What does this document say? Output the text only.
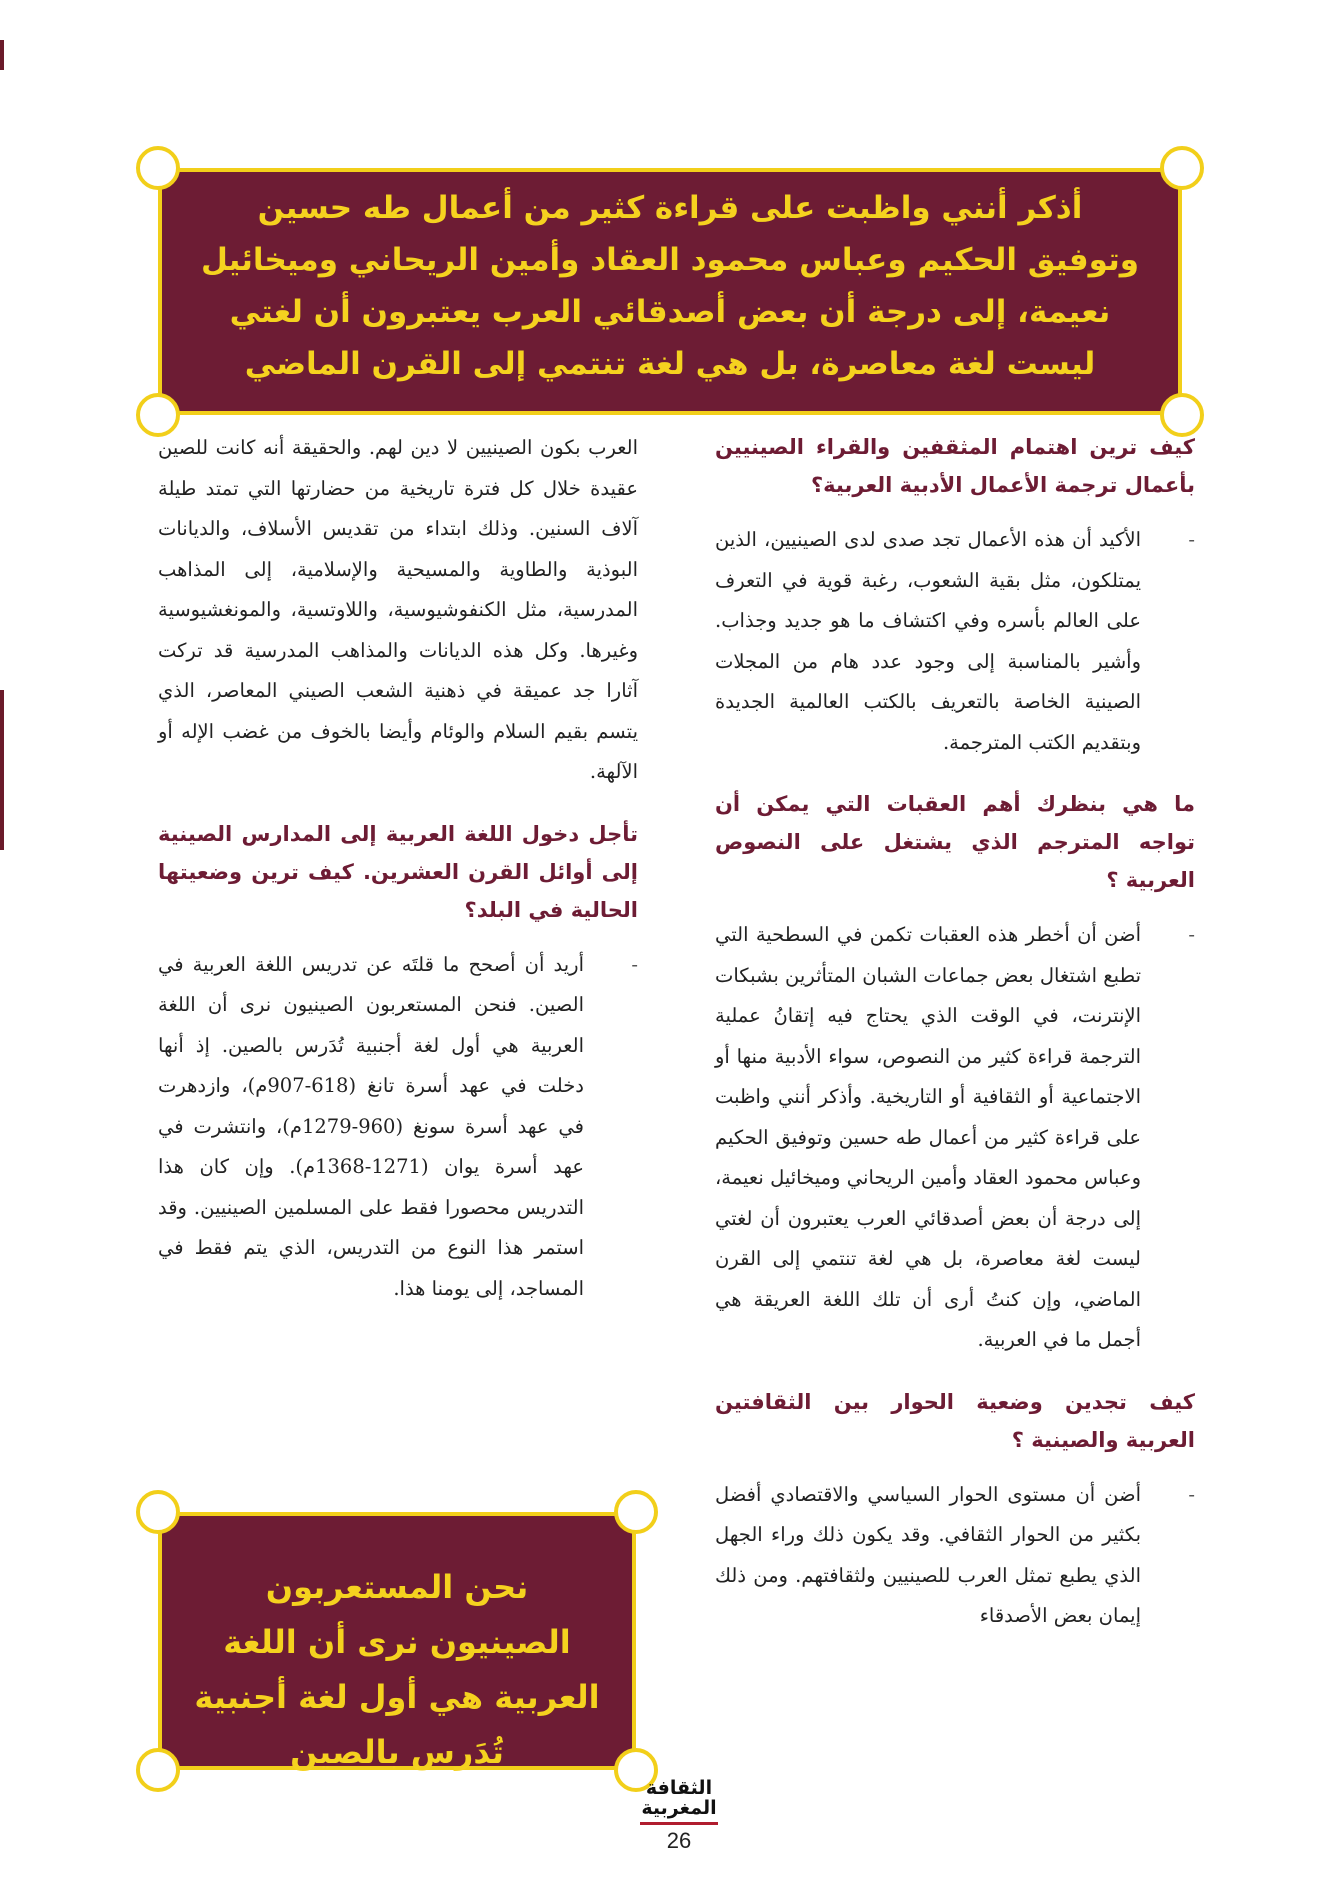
أذكر أنني واظبت على قراءة كثير من أعمال طه حسين وتوفيق الحكيم وعباس محمود العقاد وأمين الريحاني وميخائيل نعيمة، إلى درجة أن بعض أصدقائي العرب يعتبرون أن لغتي ليست لغة معاصرة، بل هي لغة تنتمي إلى القرن الماضي

كيف ترين اهتمام المثقفين والقراء الصينيين بأعمال ترجمة الأعمال الأدبية العربية؟

-
الأكيد أن هذه الأعمال تجد صدى لدى الصينيين، الذين يمتلكون، مثل بقية الشعوب، رغبة قوية في التعرف على العالم بأسره وفي اكتشاف ما هو جديد وجذاب. وأشير بالمناسبة إلى وجود عدد هام من المجلات الصينية الخاصة بالتعريف بالكتب العالمية الجديدة وبتقديم الكتب المترجمة.

ما هي بنظرك أهم العقبات التي يمكن أن تواجه المترجم الذي يشتغل على النصوص العربية ؟

-
أضن أن أخطر هذه العقبات تكمن في السطحية التي تطبع اشتغال بعض جماعات الشبان المتأثرين بشبكات الإنترنت، في الوقت الذي يحتاج فيه إتقانُ عملية الترجمة قراءة كثير من النصوص، سواء الأدبية منها أو الاجتماعية أو الثقافية أو التاريخية. وأذكر أنني واظبت على قراءة كثير من أعمال طه حسين وتوفيق الحكيم وعباس محمود العقاد وأمين الريحاني وميخائيل نعيمة، إلى درجة أن بعض أصدقائي العرب يعتبرون أن لغتي ليست لغة معاصرة، بل هي لغة تنتمي إلى القرن الماضي، وإن كنتُ أرى أن تلك اللغة العريقة هي أجمل ما في العربية.

كيف تجدين وضعية الحوار بين الثقافتين العربية والصينية ؟

-
أضن أن مستوى الحوار السياسي والاقتصادي أفضل بكثير من الحوار الثقافي. وقد يكون ذلك وراء الجهل الذي يطبع تمثل العرب للصينيين ولثقافتهم. ومن ذلك إيمان بعض الأصدقاء

العرب بكون الصينيين لا دين لهم. والحقيقة أنه كانت للصين عقيدة خلال كل فترة تاريخية من حضارتها التي تمتد طيلة آلاف السنين. وذلك ابتداء من تقديس الأسلاف، والديانات البوذية والطاوية والمسيحية والإسلامية، إلى المذاهب المدرسية، مثل الكنفوشيوسية، واللاوتسية، والمونغشيوسية وغيرها. وكل هذه الديانات والمذاهب المدرسية قد تركت آثارا جد عميقة في ذهنية الشعب الصيني المعاصر، الذي يتسم بقيم السلام والوئام وأيضا بالخوف من غضب الإله أو الآلهة.

تأجل دخول اللغة العربية إلى المدارس الصينية إلى أوائل القرن العشرين. كيف ترين وضعيتها الحالية في البلد؟

-
أريد أن أصحح ما قلتَه عن تدريس اللغة العربية في الصين. فنحن المستعربون الصينيون نرى أن اللغة العربية هي أول لغة أجنبية تُدَرس بالصين. إذ أنها دخلت في عهد أسرة تانغ (618-907م)، وازدهرت في عهد أسرة سونغ (960-1279م)، وانتشرت في عهد أسرة يوان (1271-1368م). وإن كان هذا التدريس محصورا فقط على المسلمين الصينيين. وقد استمر هذا النوع من التدريس، الذي يتم فقط في المساجد، إلى يومنا هذا.
نحن المستعربون الصينيون نرى أن اللغة العربية هي أول لغة أجنبية تُدَرس بالصين
الثقافة المغربية
26
